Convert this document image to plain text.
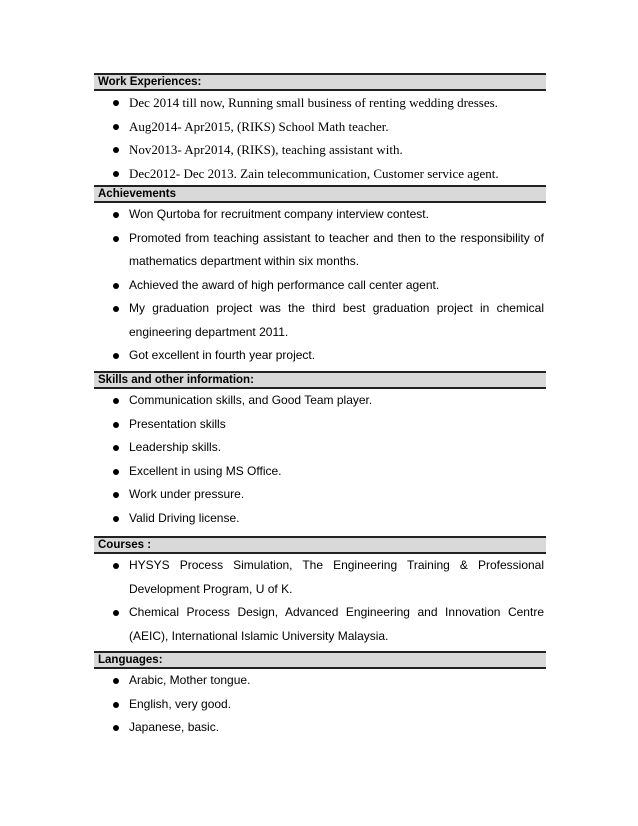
Work Experiences:
Dec 2014 till now, Running small business of renting wedding dresses.
Aug2014- Apr2015, (RIKS) School Math teacher.
Nov2013- Apr2014, (RIKS), teaching assistant with.
Dec2012- Dec 2013. Zain telecommunication, Customer service agent.
Achievements
Won Qurtoba for recruitment company interview contest.
Promoted from teaching assistant to teacher and then to the responsibility of mathematics department within six months.
Achieved the award of high performance call center agent.
My graduation project was the third best graduation project in chemical engineering department 2011.
Got excellent in fourth year project.
Skills and other information:
Communication skills, and Good Team player.
Presentation skills
Leadership skills.
Excellent in using MS Office.
Work under pressure.
Valid Driving license.
Courses :
HYSYS Process Simulation, The Engineering Training & Professional Development Program, U of K.
Chemical Process Design, Advanced Engineering and Innovation Centre (AEIC), International Islamic University Malaysia.
Languages:
Arabic, Mother tongue.
English, very good.
Japanese, basic.
